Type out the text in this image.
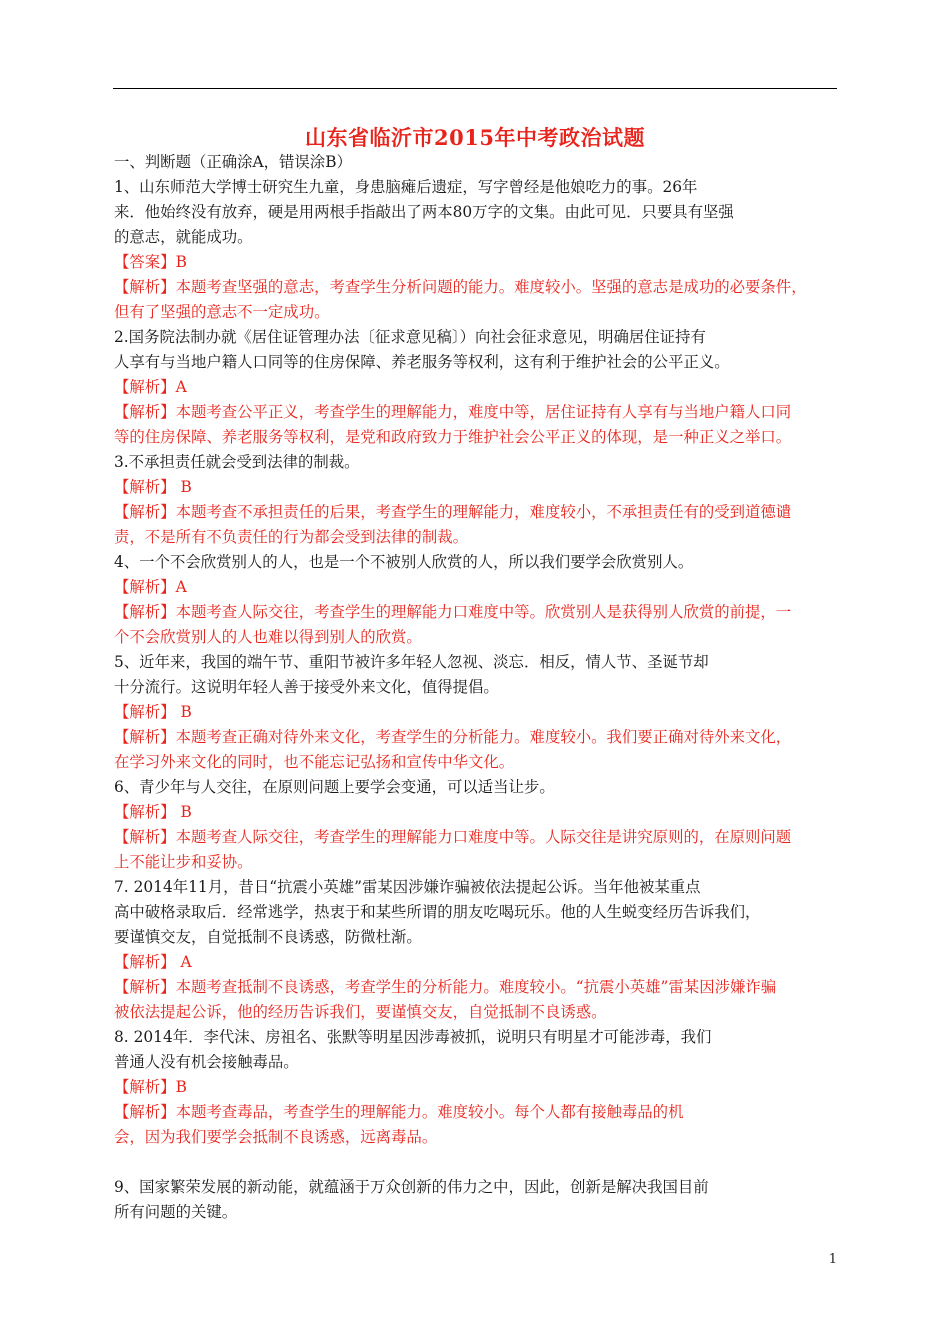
山东省临沂市2015年中考政治试题
一、判断题（正确涂A，错误涂B）
1、山东师范大学博士研究生九童，身患脑瘫后遗症，写字曾经是他娘吃力的事。26年
来．他始终没有放弃，硬是用两根手指敲出了两本80万字的文集。由此可见．只要具有坚强
的意志，就能成功。
【答案】B
【解析】本题考查坚强的意志，考查学生分析问题的能力。难度较小。坚强的意志是成功的必要条件，
但有了坚强的意志不一定成功。
2.国务院法制办就《居住证管理办法〔征求意见稿〕）向社会征求意见，明确居住证持有
人享有与当地户籍人口同等的住房保障、养老服务等权利，这有利于维护社会的公平正义。
【解析】A
【解析】本题考查公平正义，考查学生的理解能力，难度中等，居住证持有人享有与当地户籍人口同
等的住房保障、养老服务等权利，是党和政府致力于维护社会公平正义的体现，是一种正义之举口。
3.不承担责任就会受到法律的制裁。
【解析】 B
【解析】本题考查不承担责任的后果，考查学生的理解能力，难度较小，不承担责任有的受到道德谴
责，不是所有不负责任的行为都会受到法律的制裁。
4、一个不会欣赏别人的人，也是一个不被别人欣赏的人，所以我们要学会欣赏别人。
【解析】A
【解析】本题考查人际交往，考查学生的理解能力口难度中等。欣赏别人是获得别人欣赏的前提，一
个不会欣赏别人的人也难以得到别人的欣赏。
5、近年来，我国的端午节、重阳节被许多年轻人忽视、淡忘．相反，情人节、圣诞节却
十分流行。这说明年轻人善于接受外来文化，值得提倡。
【解析】 B
【解析】本题考查正确对待外来文化，考查学生的分析能力。难度较小。我们要正确对待外来文化，
在学习外来文化的同时，也不能忘记弘扬和宣传中华文化。
6、青少年与人交往，在原则问题上要学会变通，可以适当让步。
【解析】 B
【解析】本题考查人际交往，考查学生的理解能力口难度中等。人际交往是讲究原则的，在原则问题
上不能让步和妥协。
7. 2014年11月，昔日“抗震小英雄”雷某因涉嫌诈骗被依法提起公诉。当年他被某重点
高中破格录取后．经常逃学，热衷于和某些所谓的朋友吃喝玩乐。他的人生蜕变经历告诉我们，
要谨慎交友，自觉抵制不良诱惑，防微杜渐。
【解析】 A
【解析】本题考查抵制不良诱惑，考查学生的分析能力。难度较小。“抗震小英雄”雷某因涉嫌诈骗
被依法提起公诉，他的经历告诉我们，要谨慎交友，自觉抵制不良诱惑。
8. 2014年．李代沫、房祖名、张默等明星因涉毒被抓，说明只有明星才可能涉毒，我们
普通人没有机会接触毒品。
【解析】B
【解析】本题考查毒品，考查学生的理解能力。难度较小。每个人都有接触毒品的机
会，因为我们要学会抵制不良诱惑，远离毒品。
9、国家繁荣发展的新动能，就蕴涵于万众创新的伟力之中，因此，创新是解决我国目前
所有问题的关键。
1
